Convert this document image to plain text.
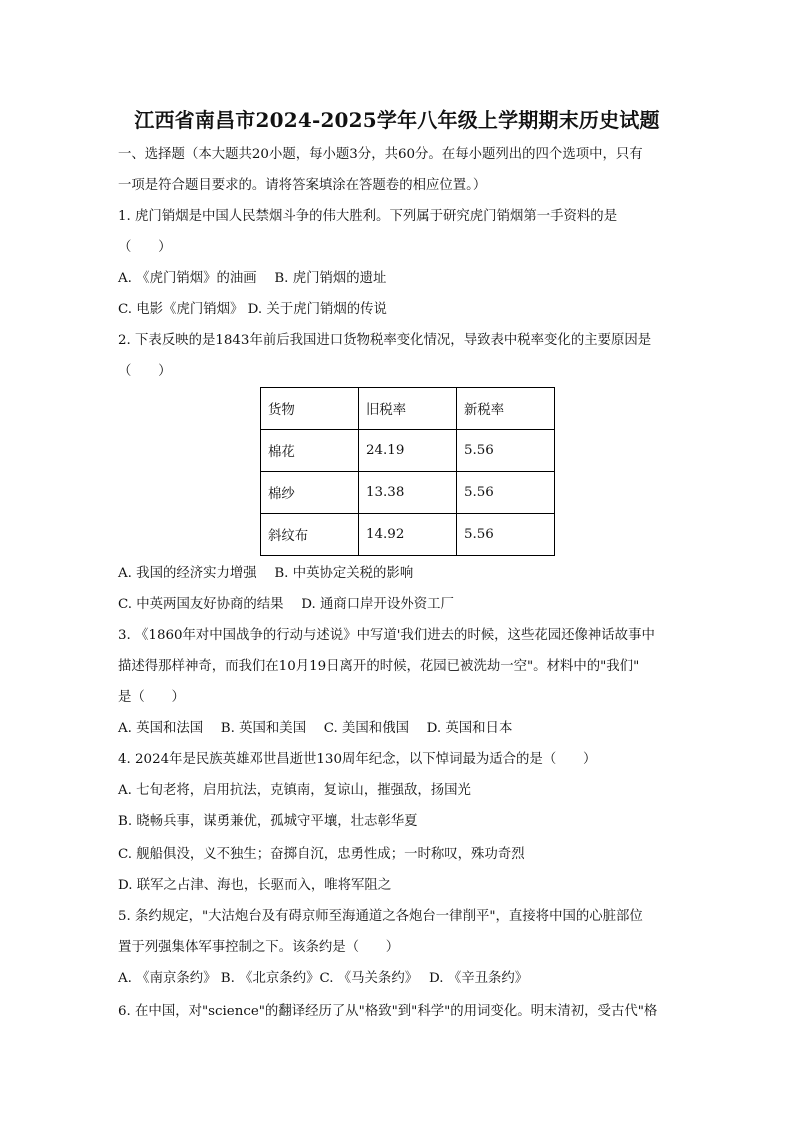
江西省南昌市2024-2025学年八年级上学期期末历史试题
一、选择题（本大题共20小题，每小题3分，共60分。在每小题列出的四个选项中，只有
一项是符合题目要求的。请将答案填涂在答题卷的相应位置。）
1. 虎门销烟是中国人民禁烟斗争的伟大胜利。下列属于研究虎门销烟第一手资料的是
（　　）
A. 《虎门销烟》的油画　 B. 虎门销烟的遗址
C. 电影《虎门销烟》 D. 关于虎门销烟的传说
2. 下表反映的是1843年前后我国进口货物税率变化情况，导致表中税率变化的主要原因是
（　　）
货物	旧税率	新税率
棉花	24.19	5.56
棉纱	13.38	5.56
斜纹布	14.92	5.56
A. 我国的经济实力增强　 B. 中英协定关税的影响
C. 中英两国友好协商的结果　 D. 通商口岸开设外资工厂
3. 《1860年对中国战争的行动与述说》中写道'我们进去的时候，这些花园还像神话故事中
描述得那样神奇，而我们在10月19日离开的时候，花园已被洗劫一空"。材料中的"我们"
是（　　）
A. 英国和法国　 B. 英国和美国　 C. 美国和俄国　 D. 英国和日本
4. 2024年是民族英雄邓世昌逝世130周年纪念，以下悼词最为适合的是（　　）
A. 七旬老将，启用抗法，克镇南，复谅山，摧强敌，扬国光
B. 晓畅兵事，谋勇兼优，孤城守平壤，壮志彰华夏
C. 舰船俱没，义不独生；奋掷自沉，忠勇性成；一时称叹，殊功奇烈
D. 联军之占津、海也，长驱而入，唯将军阻之
5. 条约规定，"大沽炮台及有碍京师至海通道之各炮台一律削平"，直接将中国的心脏部位
置于列强集体军事控制之下。该条约是（　　）
A. 《南京条约》 B. 《北京条约》C. 《马关条约》　 D. 《辛丑条约》
6. 在中国，对"science"的翻译经历了从"格致"到"科学"的用词变化。明末清初，受古代"格
